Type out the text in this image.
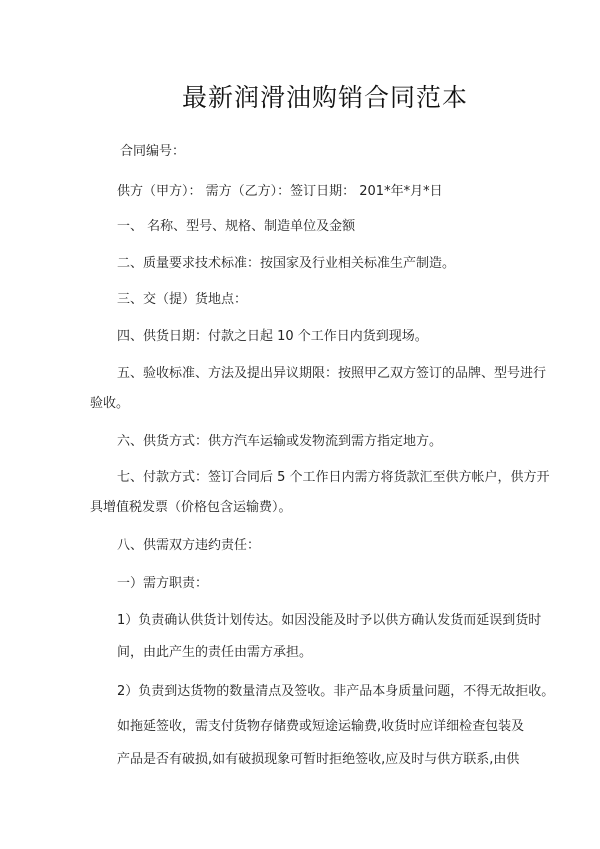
最新润滑油购销合同范本
合同编号：
供方（甲方）： 需方（乙方）：签订日期： 201*年*月*日
一、 名称、型号、规格、制造单位及金额
二、质量要求技术标准：按国家及行业相关标准生产制造。
三、交（提）货地点：
四、供货日期：付款之日起 10 个工作日内货到现场。
五、验收标准、方法及提出异议期限：按照甲乙双方签订的品牌、型号进行
验收。
六、供货方式：供方汽车运输或发物流到需方指定地方。
七、付款方式：签订合同后 5 个工作日内需方将货款汇至供方帐户，供方开
具增值税发票（价格包含运输费）。
八、供需双方违约责任：
一）需方职责：
1）负责确认供货计划传达。如因没能及时予以供方确认发货而延误到货时
间，由此产生的责任由需方承担。
2）负责到达货物的数量清点及签收。非产品本身质量问题，不得无故拒收。
如拖延签收，需支付货物存储费或短途运输费,收货时应详细检查包装及
产品是否有破损,如有破损现象可暂时拒绝签收,应及时与供方联系,由供
